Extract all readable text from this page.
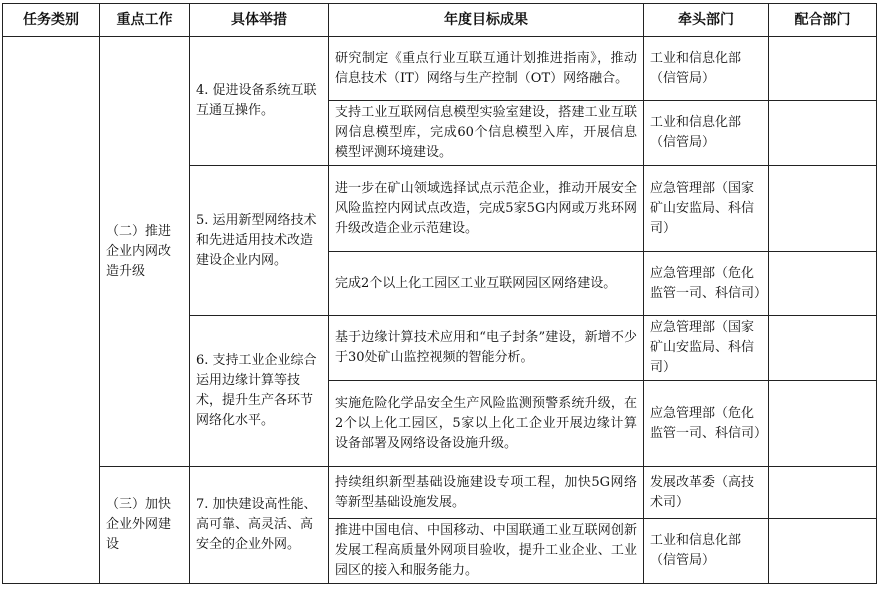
任务类别	重点工作	具体举措	年度目标成果	牵头部门	配合部门
	（二）推进企业内网改造升级	4. 促进设备系统互联互通互操作。	研究制定《重点行业互联互通计划推进指南》，推动信息技术（IT）网络与生产控制（OT）网络融合。	工业和信息化部（信管局）	
			支持工业互联网信息模型实验室建设，搭建工业互联网信息模型库，完成60个信息模型入库，开展信息模型评测环境建设。	工业和信息化部（信管局）	
		5. 运用新型网络技术和先进适用技术改造建设企业内网。	进一步在矿山领域选择试点示范企业，推动开展安全风险监控内网试点改造，完成5家5G内网或万兆环网升级改造企业示范建设。	应急管理部（国家矿山安监局、科信司）	
			完成2个以上化工园区工业互联网园区网络建设。	应急管理部（危化监管一司、科信司）	
		6. 支持工业企业综合运用边缘计算等技术，提升生产各环节网络化水平。	基于边缘计算技术应用和“电子封条”建设，新增不少于30处矿山监控视频的智能分析。	应急管理部（国家矿山安监局、科信司）	
			实施危险化学品安全生产风险监测预警系统升级，在2个以上化工园区，5家以上化工企业开展边缘计算设备部署及网络设备设施升级。	应急管理部（危化监管一司、科信司）	
	（三）加快企业外网建设	7. 加快建设高性能、高可靠、高灵活、高安全的企业外网。	持续组织新型基础设施建设专项工程，加快5G网络等新型基础设施发展。	发展改革委（高技术司）	
			推进中国电信、中国移动、中国联通工业互联网创新发展工程高质量外网项目验收，提升工业企业、工业园区的接入和服务能力。	工业和信息化部（信管局）	
